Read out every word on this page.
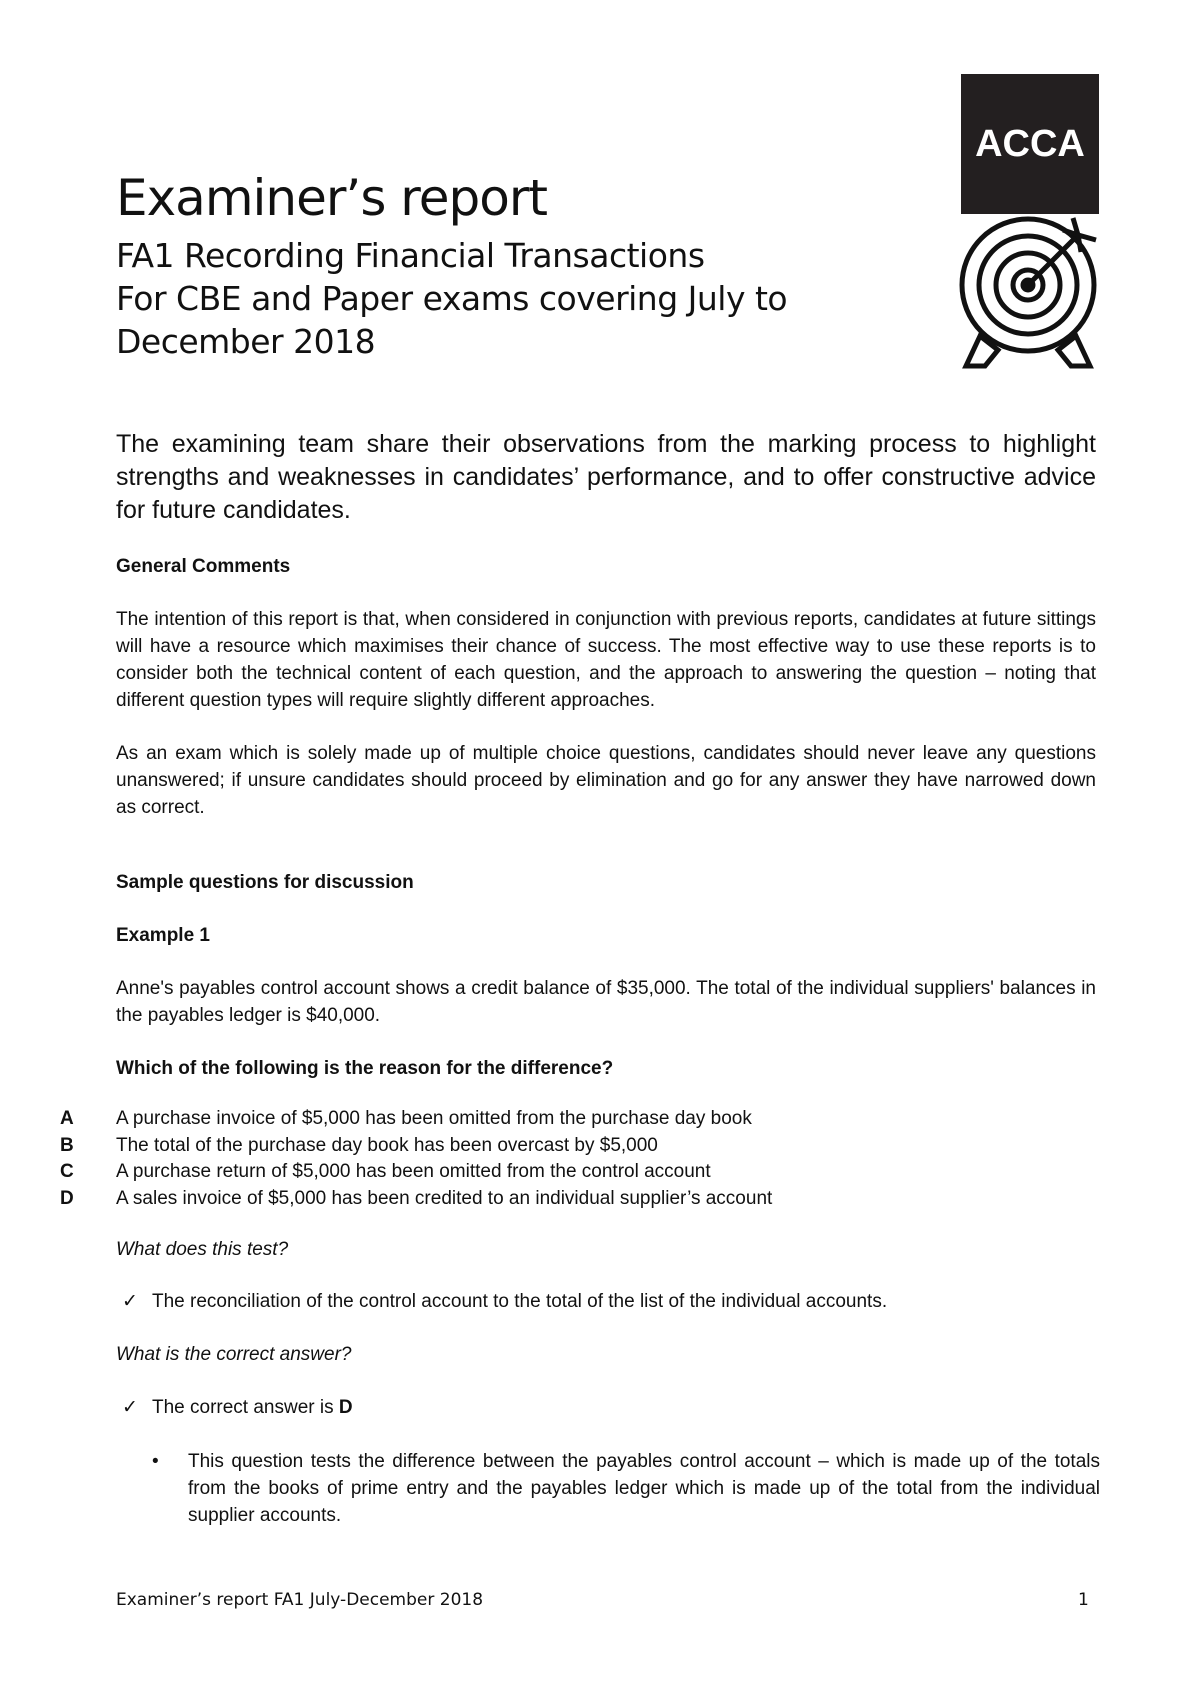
ACCA
Examiner’s report
FA1 Recording Financial Transactions
For CBE and Paper exams covering July to
December 2018

The examining team share their observations from the marking process to highlight strengths and weaknesses in candidates’ performance, and to offer constructive advice for future candidates.

General Comments

The intention of this report is that, when considered in conjunction with previous reports, candidates at future sittings will have a resource which maximises their chance of success. The most effective way to use these reports is to consider both the technical content of each question, and the approach to answering the question – noting that different question types will require slightly different approaches.

As an exam which is solely made up of multiple choice questions, candidates should never leave any questions unanswered; if unsure candidates should proceed by elimination and go for any answer they have narrowed down as correct.

Sample questions for discussion

Example 1

Anne's payables control account shows a credit balance of $35,000. The total of the individual suppliers' balances in the payables ledger is $40,000.

Which of the following is the reason for the difference?

A	A purchase invoice of $5,000 has been omitted from the purchase day book
B	The total of the purchase day book has been overcast by $5,000
C	A purchase return of $5,000 has been omitted from the control account
D	A sales invoice of $5,000 has been credited to an individual supplier’s account

What does this test?

✓ The reconciliation of the control account to the total of the list of the individual accounts.

What is the correct answer?

✓ The correct answer is D
•	This question tests the difference between the payables control account – which is made up of the totals from the books of prime entry and the payables ledger which is made up of the total from the individual supplier accounts.
Examiner’s report FA1 July-December 2018	1
